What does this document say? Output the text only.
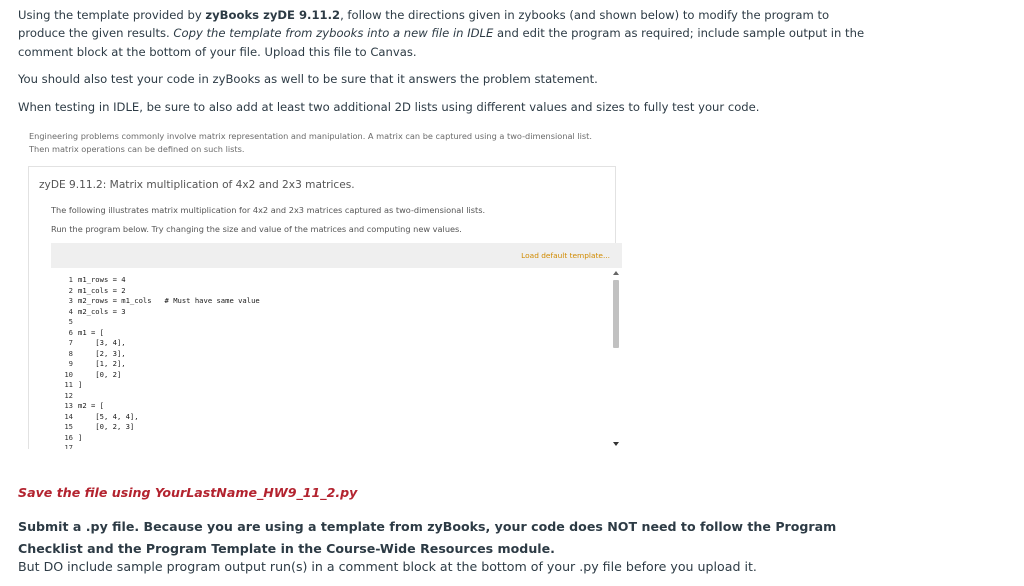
Using the template provided by zyBooks zyDE 9.11.2, follow the directions given in zybooks (and shown below) to modify the program to produce the given results. Copy the template from zybooks into a new file in IDLE and edit the program as required; include sample output in the comment block at the bottom of your file. Upload this file to Canvas.
You should also test your code in zyBooks as well to be sure that it answers the problem statement.
When testing in IDLE, be sure to also add at least two additional 2D lists using different values and sizes to fully test your code.
Engineering problems commonly involve matrix representation and manipulation. A matrix can be captured using a two-dimensional list.
Then matrix operations can be defined on such lists.
zyDE 9.11.2: Matrix multiplication of 4x2 and 2x3 matrices.
The following illustrates matrix multiplication for 4x2 and 2x3 matrices captured as two-dimensional lists.
Run the program below. Try changing the size and value of the matrices and computing new values.
Load default template...
1
2
3
4
5
6
7
8
9
10
11
12
13
14
15
16
17
m1_rows = 4
m1_cols = 2
m2_rows = m1_cols   # Must have same value
m2_cols = 3

m1 = [
[3, 4],
[2, 3],
[1, 2],
[0, 2]
]

m2 = [
[5, 4, 4],
[0, 2, 3]
]

Save the file using YourLastName_HW9_11_2.py
Submit a .py file. Because you are using a template from zyBooks, your code does NOT need to follow the Program Checklist and the Program Template in the Course-Wide Resources module.
But DO include sample program output run(s) in a comment block at the bottom of your .py file before you upload it.
